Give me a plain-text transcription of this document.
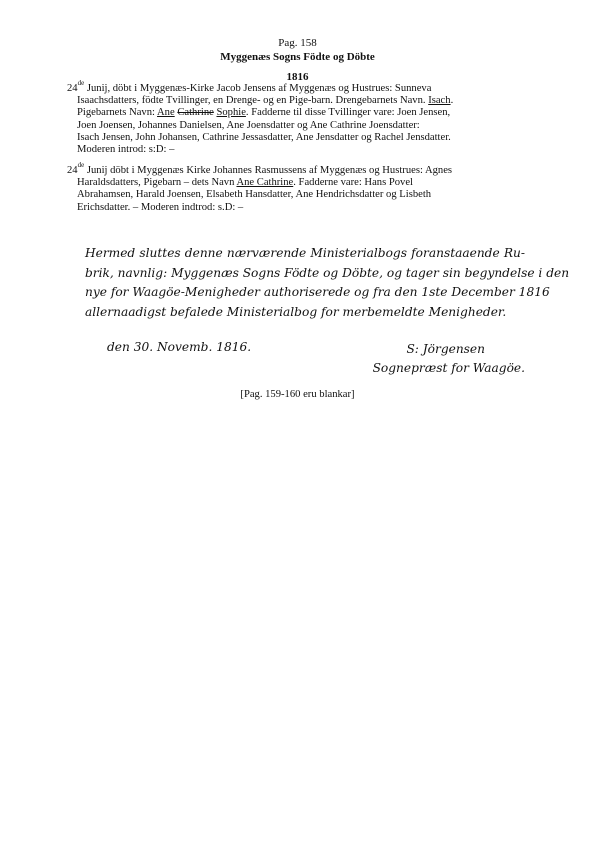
Pag. 158
Myggenæs Sogns Födte og Döbte
1816
24de Junij, döbt i Myggenæs-Kirke Jacob Jensens af Myggenæs og Hustrues: Sunneva
Isaachsdatters, födte Tvillinger, en Drenge- og en Pige-barn. Drengebarnets Navn. Isach.
Pigebarnets Navn: Ane Cathrine Sophie. Fadderne til disse Tvillinger vare: Joen Jensen,
Joen Joensen, Johannes Danielsen, Ane Joensdatter og Ane Cathrine Joensdatter:
Isach Jensen, John Johansen, Cathrine Jessasdatter, Ane Jensdatter og Rachel Jensdatter.
Moderen introd: s:D: –
24de Junij döbt i Myggenæs Kirke Johannes Rasmussens af Myggenæs og Hustrues: Agnes
Haraldsdatters, Pigebarn – dets Navn Ane Cathrine. Fadderne vare: Hans Povel
Abrahamsen, Harald Joensen, Elsabeth Hansdatter, Ane Hendrichsdatter og Lisbeth
Erichsdatter. – Moderen indtrod: s.D: –
Hermed sluttes denne nærværende Ministerialbogs foranstaaende Ru-
brik, navnlig: Myggenæs Sogns Födte og Döbte, og tager sin begyndelse i den
nye for Waagöe-Menigheder authoriserede og fra den 1ste December 1816
allernaadigst befalede Ministerialbog for merbemeldte Menigheder.
den 30. Novemb. 1816.	S: Jörgensen
Sognepræst for Waagöe.
[Pag. 159-160 eru blankar]
